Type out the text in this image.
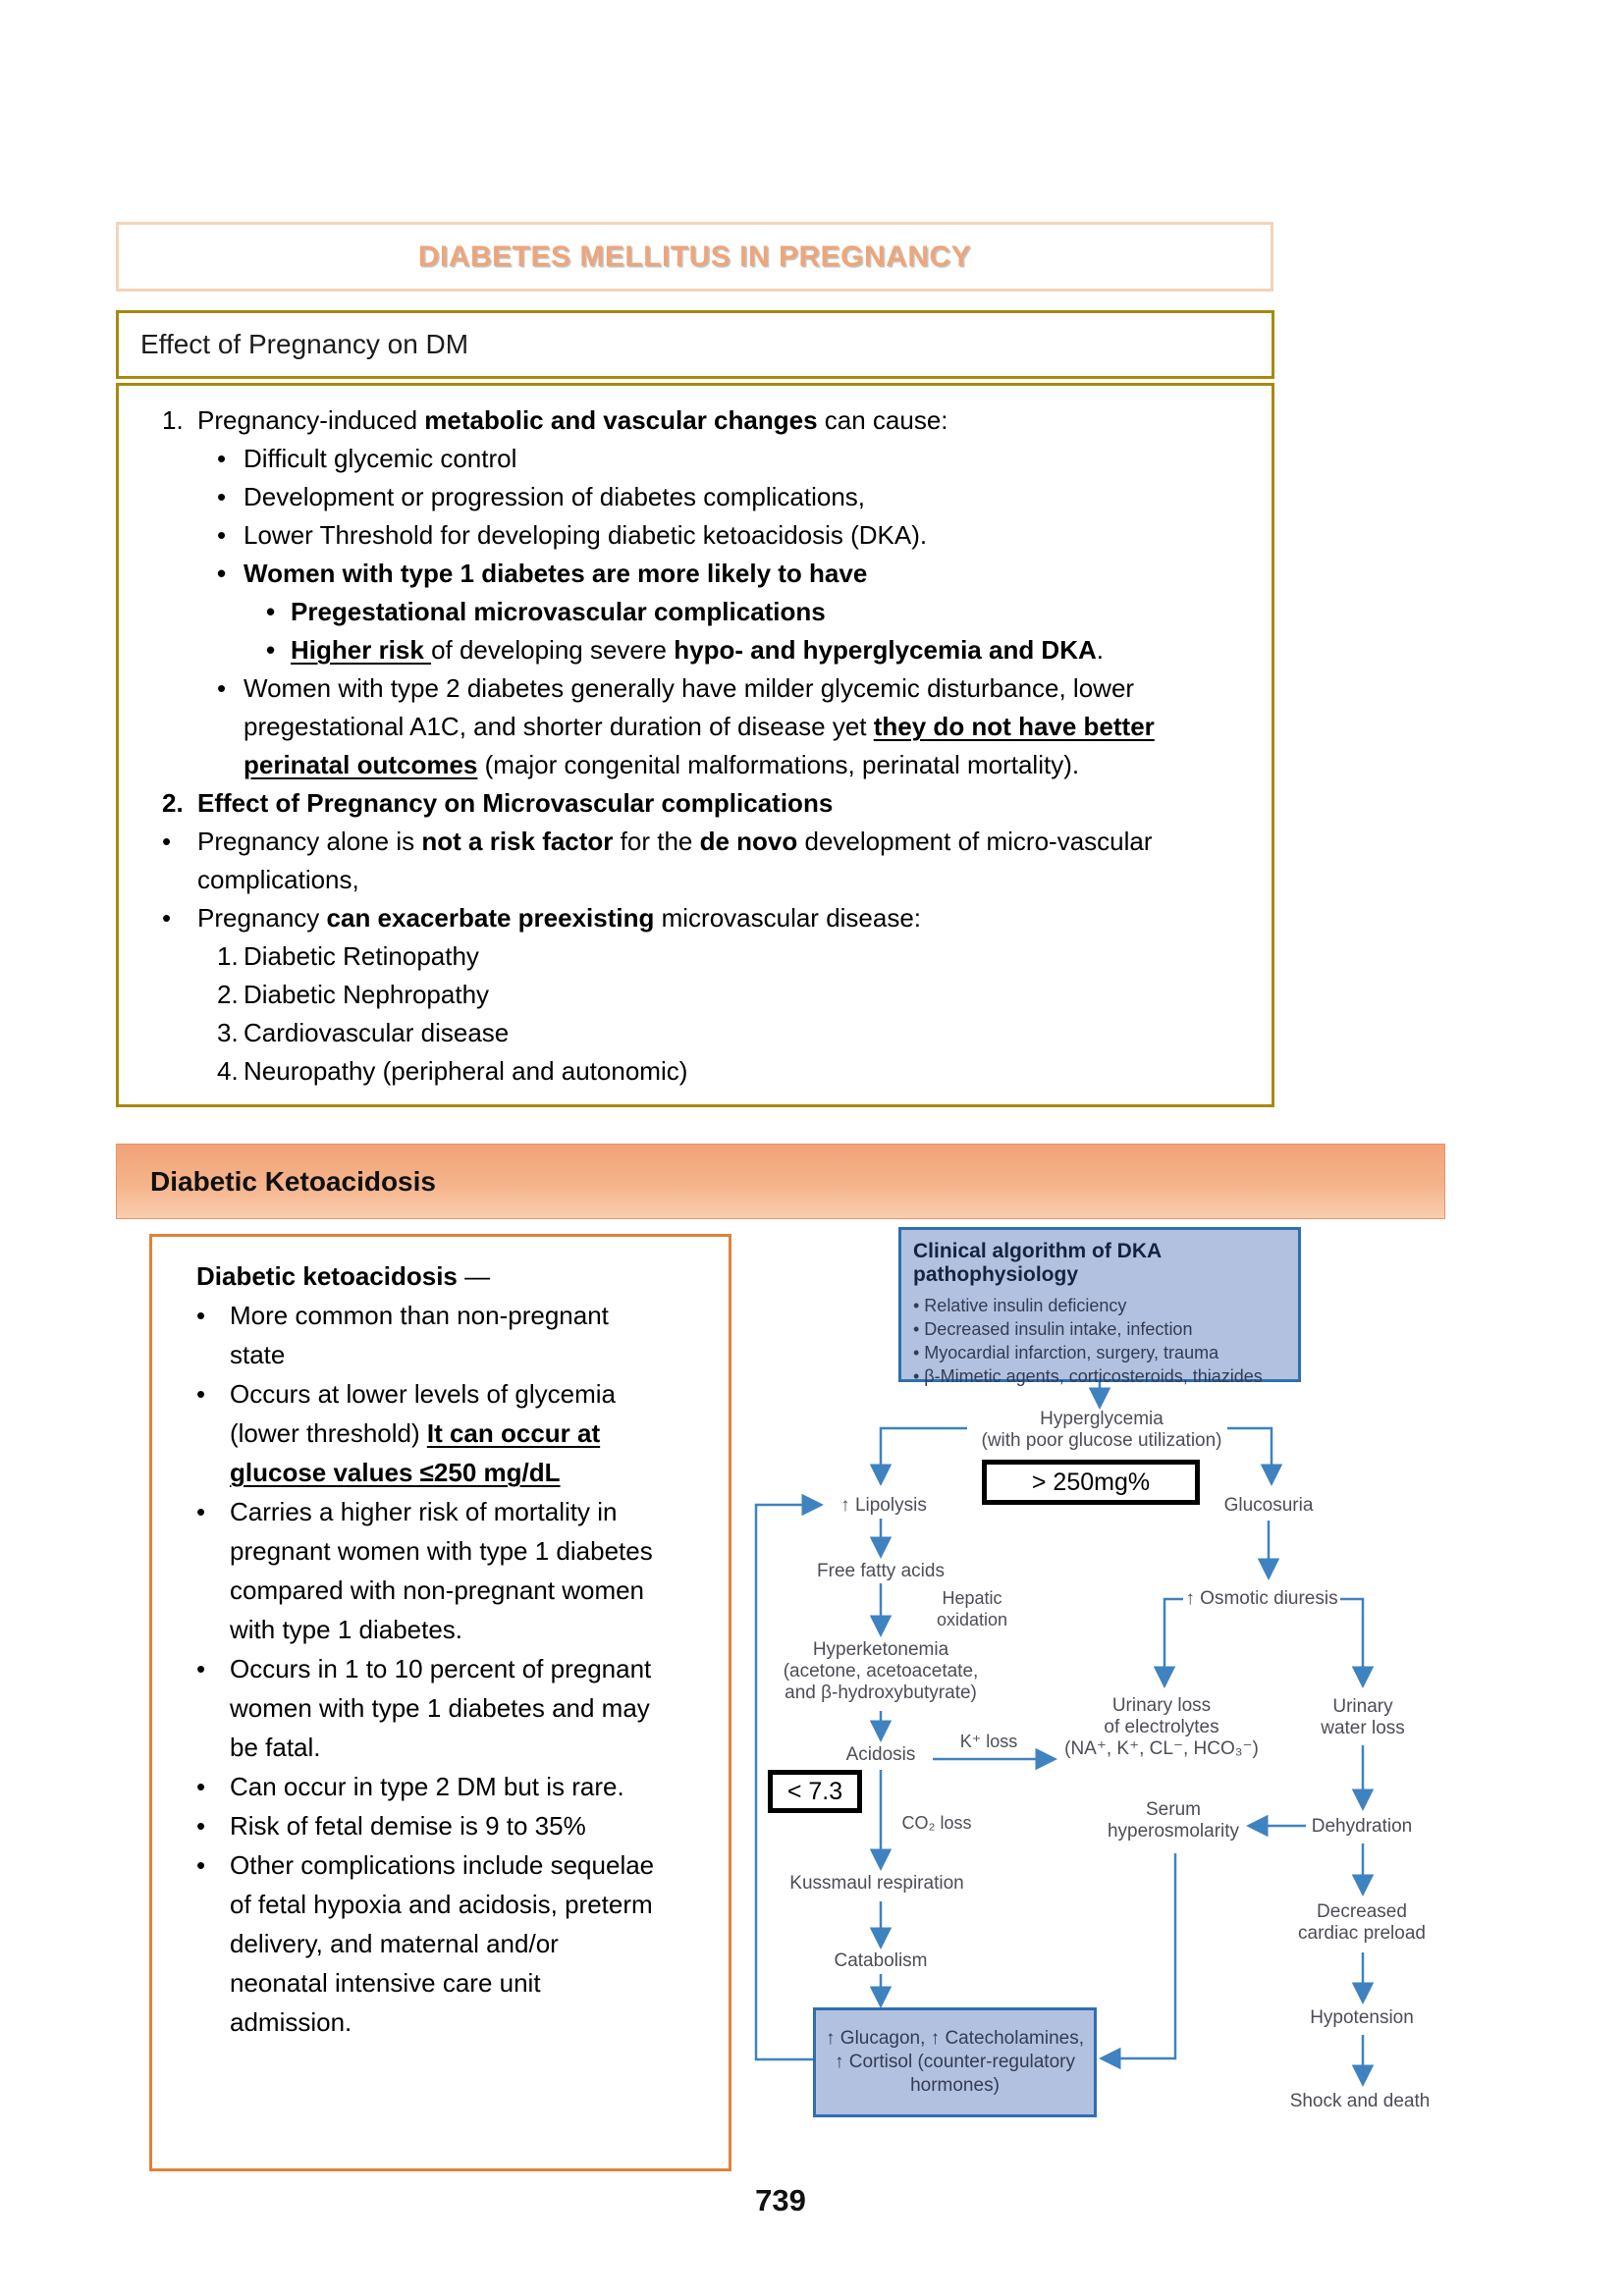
DIABETES MELLITUS IN PREGNANCY
Effect of Pregnancy on DM
1. Pregnancy-induced metabolic and vascular changes can cause:
• Difficult glycemic control
• Development or progression of diabetes complications,
• Lower Threshold for developing diabetic ketoacidosis (DKA).
• Women with type 1 diabetes are more likely to have
• Pregestational microvascular complications
• Higher risk of developing severe hypo- and hyperglycemia and DKA.
• Women with type 2 diabetes generally have milder glycemic disturbance, lower pregestational A1C, and shorter duration of disease yet they do not have better perinatal outcomes (major congenital malformations, perinatal mortality).
2. Effect of Pregnancy on Microvascular complications
•	Pregnancy alone is not a risk factor for the de novo development of micro-vascular complications,
•	Pregnancy can exacerbate preexisting microvascular disease:
1. Diabetic Retinopathy
2. Diabetic Nephropathy
3. Cardiovascular disease
4. Neuropathy (peripheral and autonomic)
Diabetic Ketoacidosis
Diabetic ketoacidosis —
• More common than non-pregnant state
• Occurs at lower levels of glycemia (lower threshold) It can occur at glucose values ≤250 mg/dL
• Carries a higher risk of mortality in pregnant women with type 1 diabetes compared with non-pregnant women with type 1 diabetes.
• Occurs in 1 to 10 percent of pregnant women with type 1 diabetes and may be fatal.
• Can occur in type 2 DM but is rare.
• Risk of fetal demise is 9 to 35%
• Other complications include sequelae of fetal hypoxia and acidosis, preterm delivery, and maternal and/or neonatal intensive care unit admission.
Clinical algorithm of DKA pathophysiology
• Relative insulin deficiency
• Decreased insulin intake, infection
• Myocardial infarction, surgery, trauma
• β-Mimetic agents, corticosteroids, thiazides
Hyperglycemia
(with poor glucose utilization)
> 250mg%
↑ Lipolysis
Free fatty acids
Hepatic
oxidation
Hyperketonemia
(acetone, acetoacetate,
and β-hydroxybutyrate)
Acidosis
K⁺ loss
< 7.3
CO₂ loss
Kussmaul respiration
Catabolism
↑ Glucagon, ↑ Catecholamines,
↑ Cortisol (counter-regulatory
hormones)
Glucosuria
↑ Osmotic diuresis
Urinary loss
of electrolytes
(NA⁺, K⁺, CL⁻, HCO₃⁻)
Serum
hyperosmolarity
Urinary
water loss
Dehydration
Decreased
cardiac preload
Hypotension
Shock and death
739
